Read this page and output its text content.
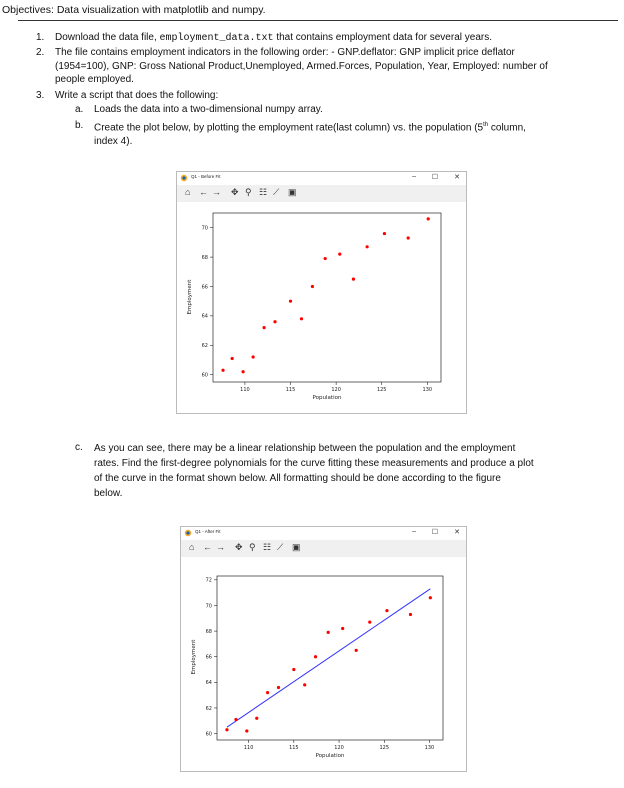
Objectives: Data visualization with matplotlib and numpy.
1. Download the data file, employment_data.txt that contains employment data for several years.
2. The file contains employment indicators in the following order: - GNP.deflator: GNP implicit price deflator
(1954=100), GNP: Gross National Product,Unemployed, Armed.Forces, Population, Year, Employed: number of
people employed.
3. Write a script that does the following:
a. Loads the data into a two-dimensional numpy array.
b. Create the plot below, by plotting the employment rate(last column) vs. the population (5th column,
index 4).
Q1 - Before Fit	– ☐ ✕
⌂ ← → ✥ ⚲ ☷ ⟋ ▣
110	115	120	125	130
60
62
64
66
68
70
Population
Employment
c. As you can see, there may be a linear relationship between the population and the employment
rates. Find the first-degree polynomials for the curve fitting these measurements and produce a plot
of the curve in the format shown below. All formatting should be done according to the figure
below.
Q1 - After Fit	– ☐ ✕
⌂ ← → ✥ ⚲ ☷ ⟋ ▣
110	115	120	125	130
60
62
64
66
68
70
72
Population
Employment
